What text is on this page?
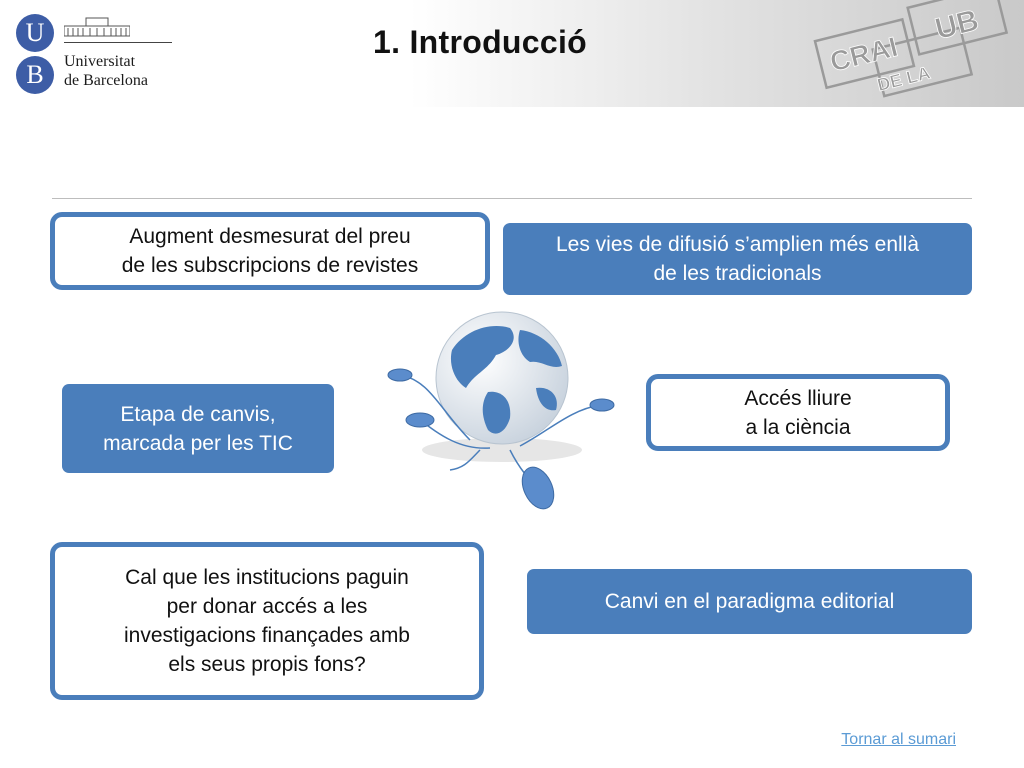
U
B	Universitat
de Barcelona
1. Introducció	CRAI
DE LA
UB
Augment desmesurat del preu
de les subscripcions de revistes
Les vies de difusió s’amplien més enllà
de les tradicionals
Etapa de canvis,
marcada per les TIC
Accés lliure
a la ciència
Cal que les institucions paguin
per donar accés a les
investigacions finançades amb
els seus propis fons?
Canvi en el paradigma editorial
Tornar al sumari
